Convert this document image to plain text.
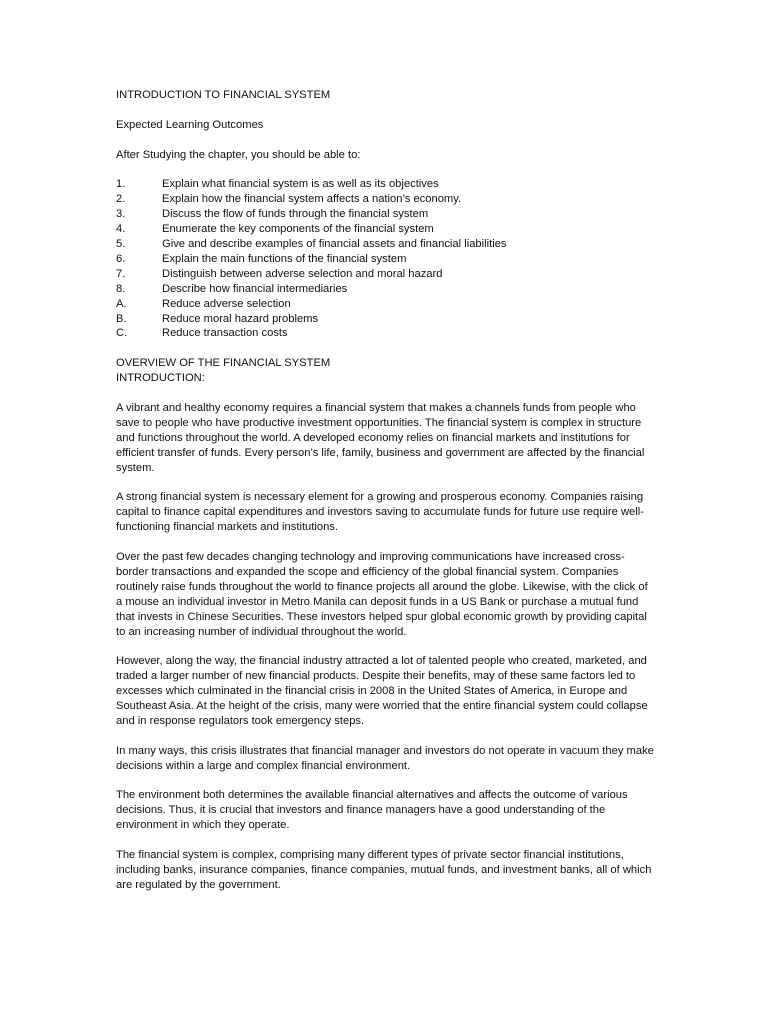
INTRODUCTION TO FINANCIAL SYSTEM

Expected Learning Outcomes

After Studying the chapter, you should be able to:

1.	Explain what financial system is as well as its objectives
2.	Explain how the financial system affects a nation’s economy.
3.	Discuss the flow of funds through the financial system
4.	Enumerate the key components of the financial system
5.	Give and describe examples of financial assets and financial liabilities
6.	Explain the main functions of the financial system
7.	Distinguish between adverse selection and moral hazard
8.	Describe how financial intermediaries
A.	Reduce adverse selection
B.	Reduce moral hazard problems
C.	Reduce transaction costs

OVERVIEW OF THE FINANCIAL SYSTEM

INTRODUCTION:

A vibrant and healthy economy requires a financial system that makes a channels funds from people who save to people who have productive investment opportunities. The financial system is complex in structure and functions throughout the world. A developed economy relies on financial markets and institutions for efficient transfer of funds. Every person’s life, family, business and government are affected by the financial system.

A strong financial system is necessary element for a growing and prosperous economy. Companies raising capital to finance capital expenditures and investors saving to accumulate funds for future use require well-functioning financial markets and institutions.

Over the past few decades changing technology and improving communications have increased cross-border transactions and expanded the scope and efficiency of the global financial system. Companies routinely raise funds throughout the world to finance projects all around the globe. Likewise, with the click of a mouse an individual investor in Metro Manila can deposit funds in a US Bank or purchase a mutual fund that invests in Chinese Securities. These investors helped spur global economic growth by providing capital to an increasing number of individual throughout the world.

However, along the way, the financial industry attracted a lot of talented people who created, marketed, and traded a larger number of new financial products. Despite their benefits, may of these same factors led to excesses which culminated in the financial crisis in 2008 in the United States of America, in Europe and Southeast Asia. At the height of the crisis, many were worried that the entire financial system could collapse and in response regulators took emergency steps.

In many ways, this crisis illustrates that financial manager and investors do not operate in vacuum they make decisions within a large and complex financial environment.

The environment both determines the available financial alternatives and affects the outcome of various decisions. Thus, it is crucial that investors and finance managers have a good understanding of the environment in which they operate.

The financial system is complex, comprising many different types of private sector financial institutions, including banks, insurance companies, finance companies, mutual funds, and investment banks, all of which are regulated by the government.
